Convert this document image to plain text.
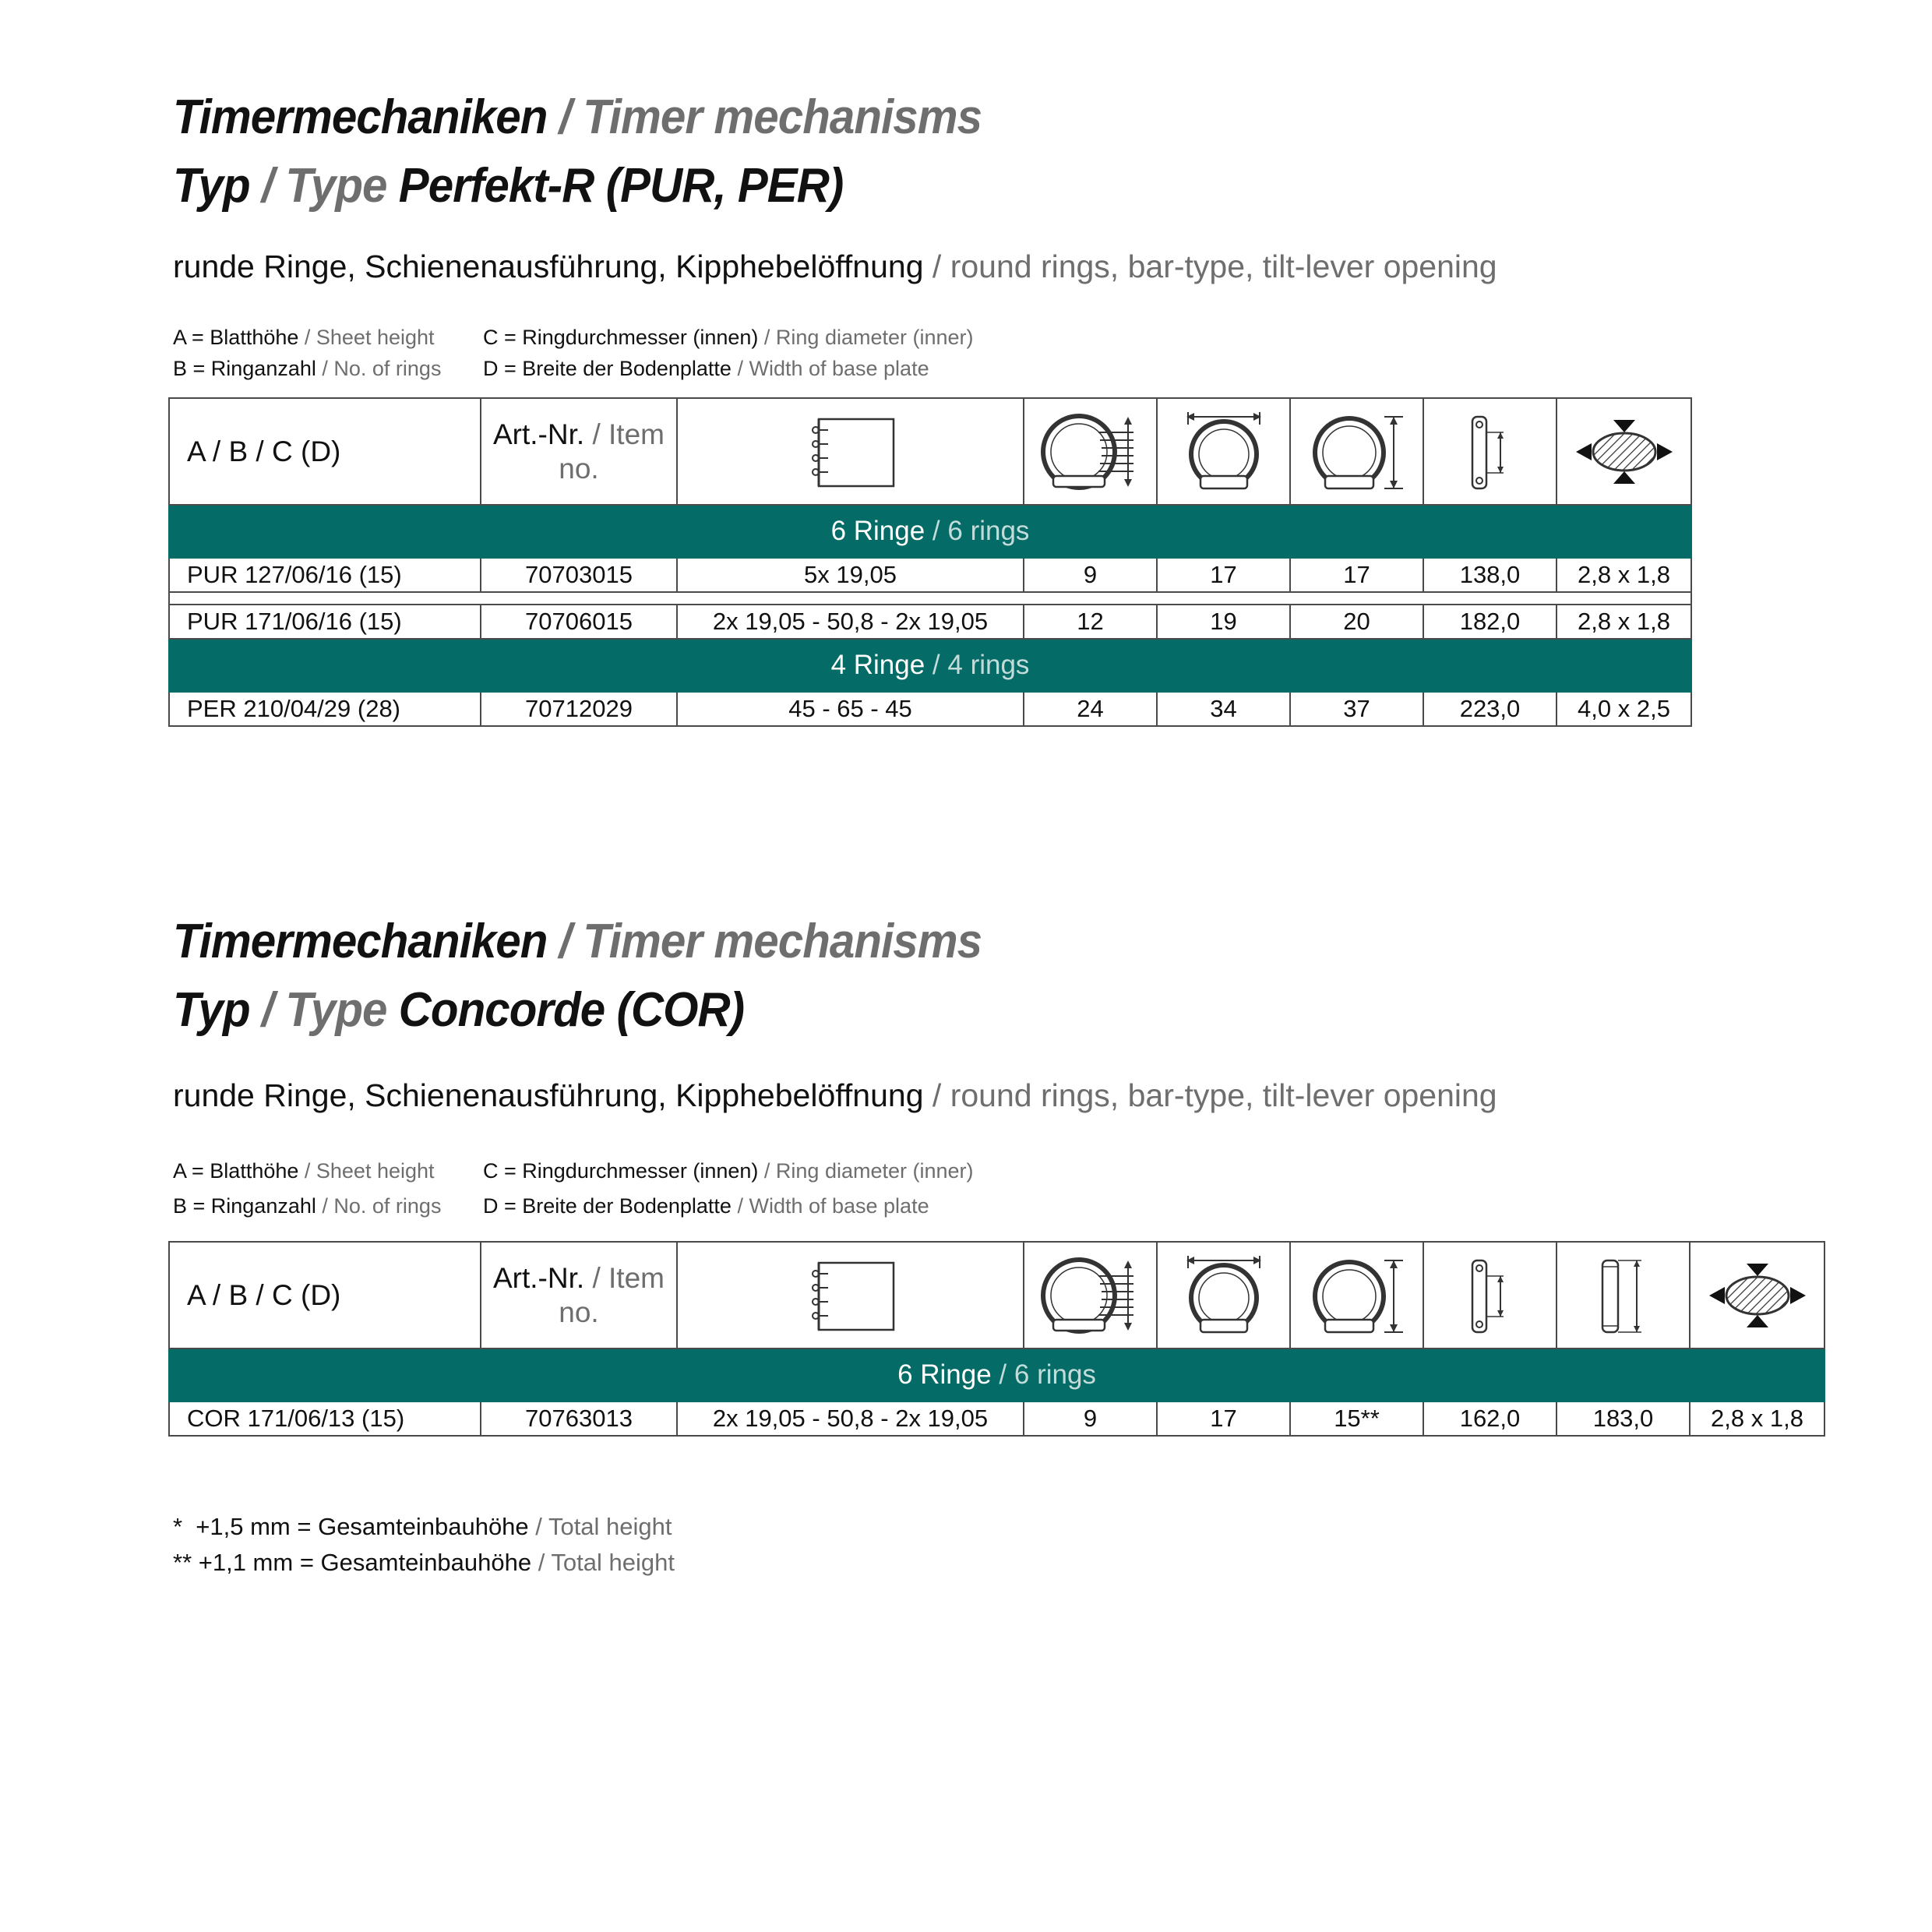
Timermechaniken / Timer mechanisms
Typ / Type Perfekt-R (PUR, PER)

runde Ringe, Schienenausführung, Kipphebelöffnung / round rings, bar-type, tilt-lever opening

A = Blatthöhe / Sheet height C = Ringdurchmesser (innen) / Ring diameter (inner)
B = Ringanzahl / No. of rings D = Breite der Bodenplatte / Width of base plate
A / B / C (D)	Art.-Nr. / Item no.	

6 Ringe / 6 rings							
PUR 127/06/16 (15)	70703015	5x 19,05	9	17	17	138,0	2,8 x 1,8

PUR 171/06/16 (15)	70706015	2x 19,05 - 50,8 - 2x 19,05	12	19	20	182,0	2,8 x 1,8
4 Ringe / 4 rings							
PER 210/04/29 (28)	70712029	45 - 65 - 45	24	34	37	223,0	4,0 x 2,5
Timermechaniken / Timer mechanisms
Typ / Type Concorde (COR)

runde Ringe, Schienenausführung, Kipphebelöffnung / round rings, bar-type, tilt-lever opening

A = Blatthöhe / Sheet height C = Ringdurchmesser (innen) / Ring diameter (inner)
B = Ringanzahl / No. of rings D = Breite der Bodenplatte / Width of base plate
A / B / C (D)	Art.-Nr. / Item no.	

6 Ringe / 6 rings								
COR 171/06/13 (15)	70763013	2x 19,05 - 50,8 - 2x 19,05	9	17	15**	162,0	183,0	2,8 x 1,8
*  +1,5 mm = Gesamteinbauhöhe / Total height
** +1,1 mm = Gesamteinbauhöhe / Total height
